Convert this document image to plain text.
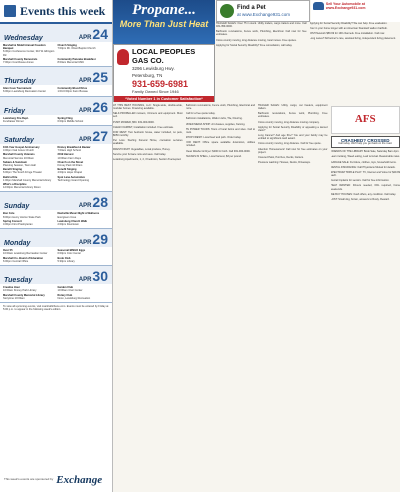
Events this week
Wednesday	APR24
Marshall & Slidell Annual Freedom Banquet
6:30pm Conference Center, 310 W. Ellington Rd
Church Singing
7:00pm Mt. Olivet Baptist Church
Marshall County Democrats
7:00pm Courthouse Annex
Community Pancake Breakfast
8:00am Memorial UMC
Thursday	APR25
Glen Cove Tournament
6:00pm Lewisburg Recreation Center
Community Blood Drive
1:00-6:00pm Farm Bureau
Friday	APR26
Lewisburg Fire Dept.
Fundraiser Dinner
Spring Fling
6:00pm Middle School
Saturday	APR27
10th Year Gospel Anniversary
4:00pm Oak Grove Church
Kinney Breakfast & Bazaar
7:00am High School
Marshall County Veterans
Memorial Service 10:00am
2019 Harvest
10:00am Farm Days
Subaru & Sundown
Planning Session, Town Hall
Church on the Street
Kinney Park 10:00am
Benefit Singing
6:00pm The South Fringe Theater
Benefit Singing
4:00pm Hope Chapel
Build a Kite
1:00pm Marshall County Memorial Library
Spot Lane Automotive
Technology Grand Opening
What's a Discipline
12:00pm Memorial Library Room
Sunday	APR28
Bon Cole
8:00pm Henry Horton State Park
Nashville Music Night of Balloons
Evergreen Cove
Spring Concert
4:00pm First Presbyterian
Lewisburg Church Walk
2:00pm Downtown
Monday	APR29
Over 55
10:00am Lewisburg Recreation Center
Seasonal BINGO Eggs
6:00pm Civic Center
Marshall Co. Board of Education
6:00pm Central Office
Book Club
5:30pm Library
Tuesday	APR30
Creative Hour
10:00am Kinney Park Library
Garden Club
10:00am Civic Center
Marshall County Memorial Library
Storytime 10:00am
Rotary Club
Noon, Lewisburg Recreation
To view all upcoming events, visit marshalltribune.com. Events must be entered by Friday at 5:00 p.m. to appear in the following week's edition.
This week's events are sponsored by Exchange
Propane...
More Than Just Heat
LOCAL PEOPLES GAS CO.
3296 Lewisburg Hwy.
Petersburg, TN
931-659-6981
Family Owned Since 1946
*Voted Number 1 in Customer Satisfaction*
Find a Pet
at www.Exchange931.com
Sell Your Automobile at www.Exchange931.com

TRAILER SALES: Over 75 in stock. Utility trailers, cargo trailers and more. Call 931-359-0000.

Bathroom renovations, Fence work, Plumbing, Electrical. Call now for free estimates.

Cross country moving, long distance moving, local moves. Free quotes.

Applying for Social Security Disability? Free consultation, call today.

Applying for Social Security Disability? We can help. Free evaluation.

Your in your home longer with an American Standard walk-in bathtub.

DISH Network $59.99 for 190 channels. Free installation. Call now.

Long Lanes? Alzheimer's care, assisted living, independent living placement.

AT THIS BEST HOUSING, LLC: Single-wide, double-wide, modular homes. Financing available.

SELF-PROPELLED mowers, trimmers and equipment. Must sell.

PUSH MOWER, $50. 931-000-0000.

CLEAN CARPET, Installation included. Free estimate.

FOR RENT: Two bedroom house, water included, no pets, $650 monthly.

Pet Loss: Sterling Funeral Home, cremation services available.

FRESH FRUIT: Vegetables, Local produce, Honey.

Service your furnace now and save. Call today.

Lewisburg Apartments, 1, 2, 3 bedroom, Section 8 accepted.

Bathroom renovations, Fence work, Plumbing, Electrical and more.

Call for a free quote today.

Bathroom installations, Walk-in tubs, Tile, Flooring.

MIXED MEDIA SHOP: Art classes, supplies, framing.

TN POWER TOURS: Tours of local farms and sites. Call to book.

SHOP FRESH: Local beef and pork. Order today.

FOR RENT: Office space available downtown, utilities included.

Clean Washer & Dryer: $200 for both. Call 931-000-0000.

PECANS IN SHELL, Local harvest, $3 per pound.

TRAILER SALES: Utility, cargo, car haulers, equipment trailers.

Bathroom renovations, Fence work, Plumbing. Free estimates.

Cross country moving, long distance moving company.

Applying for Social Security Disability or appealing a denied claim?

Lung Cancer? And age 60+? You and your family may be entitled to significant cash award.

Cross country moving, long distance. Call for free quote.

Attention Homeowners! Call now for free estimates on your project.

Covered Patio, Porches, Decks, Gutters.

Pressure washing: Houses, Decks, Driveways.

AFS
CRASHED? CROSSED
Call today. We'll help you get back on the road.

FRIENDS OF THE LIBRARY Book Sale, Saturday 8am-2pm.

Lawn mowing, Weed eating, Leaf removal. Reasonable rates.

GARAGE SALE: Furniture, clothes, toys, household items.

DENTAL INSURANCE: Call Physicians Mutual for details.

SPECTRUM TRIPLE PLAY: TV, Internet and Voice for $29.99 each.

Dental Implants for seniors. Call for free information.

HELP WANTED: Drivers needed, CDL required, home weekends.

WE BUY HOUSES: Cash offers, any condition. Call today.

LOST: Small dog, brown, answers to Rusty. Reward.
